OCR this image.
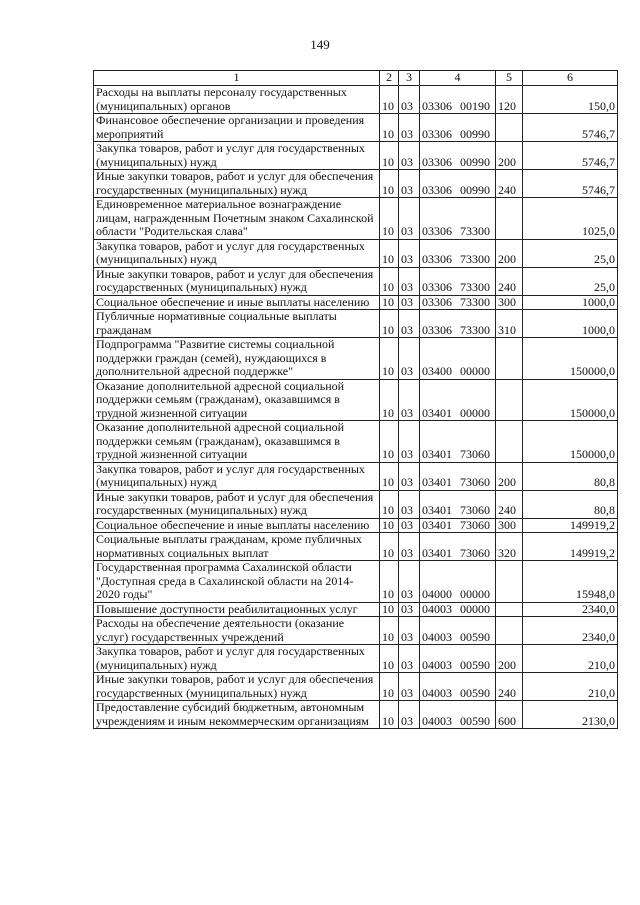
149
1	2	3	4	5	6
Расходы на выплаты персоналу государственных (муниципальных) органов	10	03	03306 00190	120	150,0
Финансовое обеспечение организации и проведения мероприятий	10	03	03306 00990		5746,7
Закупка товаров, работ и услуг для государственных (муниципальных) нужд	10	03	03306 00990	200	5746,7
Иные закупки товаров, работ и услуг для обеспечения государственных (муниципальных) нужд	10	03	03306 00990	240	5746,7
Единовременное материальное вознаграждение лицам, награжденным Почетным знаком Сахалинской области "Родительская слава"	10	03	03306 73300		1025,0
Закупка товаров, работ и услуг для государственных (муниципальных) нужд	10	03	03306 73300	200	25,0
Иные закупки товаров, работ и услуг для обеспечения государственных (муниципальных) нужд	10	03	03306 73300	240	25,0
Социальное обеспечение и иные выплаты населению	10	03	03306 73300	300	1000,0
Публичные нормативные социальные выплаты гражданам	10	03	03306 73300	310	1000,0
Подпрограмма "Развитие системы социальной поддержки граждан (семей), нуждающихся в дополнительной адресной поддержке"	10	03	03400 00000		150000,0
Оказание дополнительной адресной социальной поддержки семьям (гражданам), оказавшимся в трудной жизненной ситуации	10	03	03401 00000		150000,0
Оказание дополнительной адресной социальной поддержки семьям (гражданам), оказавшимся в трудной жизненной ситуации	10	03	03401 73060		150000,0
Закупка товаров, работ и услуг для государственных (муниципальных) нужд	10	03	03401 73060	200	80,8
Иные закупки товаров, работ и услуг для обеспечения государственных (муниципальных) нужд	10	03	03401 73060	240	80,8
Социальное обеспечение и иные выплаты населению	10	03	03401 73060	300	149919,2
Социальные выплаты гражданам, кроме публичных нормативных социальных выплат	10	03	03401 73060	320	149919,2
Государственная программа Сахалинской области "Доступная среда в Сахалинской области на 2014-2020 годы"	10	03	04000 00000		15948,0
Повышение доступности реабилитационных услуг	10	03	04003 00000		2340,0
Расходы на обеспечение деятельности (оказание услуг) государственных учреждений	10	03	04003 00590		2340,0
Закупка товаров, работ и услуг для государственных (муниципальных) нужд	10	03	04003 00590	200	210,0
Иные закупки товаров, работ и услуг для обеспечения государственных (муниципальных) нужд	10	03	04003 00590	240	210,0
Предоставление субсидий бюджетным, автономным учреждениям и иным некоммерческим организациям	10	03	04003 00590	600	2130,0
